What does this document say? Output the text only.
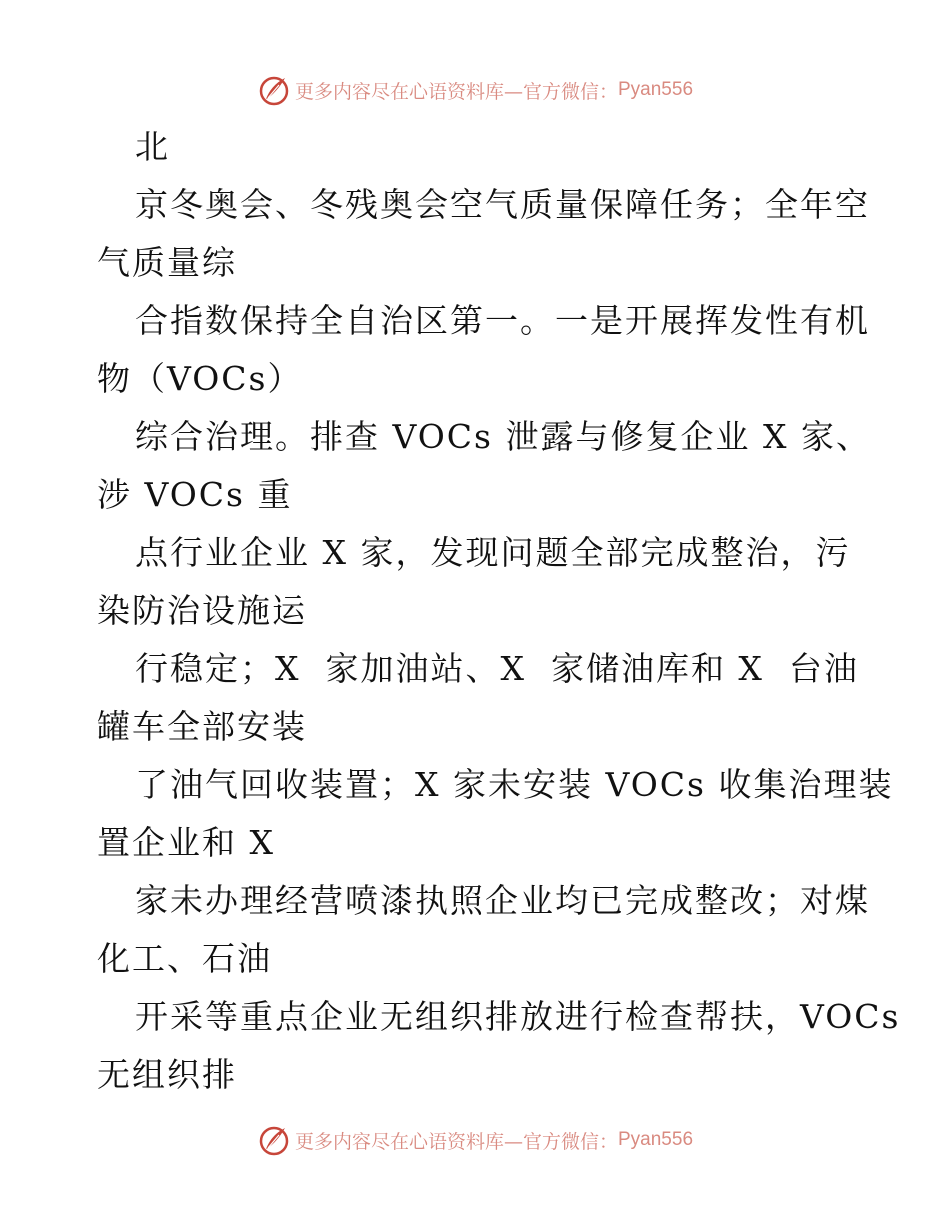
更多内容尽在心语资料库—官方微信： Pyan556
北
京冬奥会、冬残奥会空气质量保障任务；全年空
气质量综
合指数保持全自治区第一。一是开展挥发性有机
物（VOCs）
综合治理。排查 VOCs 泄露与修复企业 X 家、
涉 VOCs 重
点行业企业 X 家，发现问题全部完成整治，污
染防治设施运
行稳定；X  家加油站、X  家储油库和 X  台油
罐车全部安装
了油气回收装置；X 家未安装 VOCs 收集治理装
置企业和 X
家未办理经营喷漆执照企业均已完成整改；对煤
化工、石油
开采等重点企业无组织排放进行检查帮扶，VOCs
无组织排
更多内容尽在心语资料库—官方微信： Pyan556
